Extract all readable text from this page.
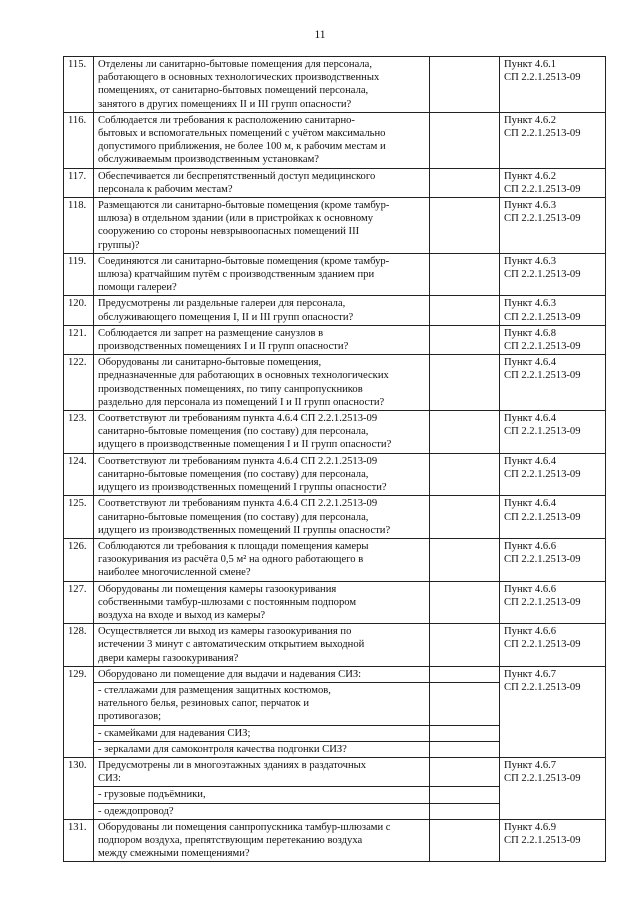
11
115.	Отделены ли санитарно-бытовые помещения для персонала,
работающего в основных технологических производственных
помещениях, от санитарно-бытовых помещений персонала,
занятого в других помещениях II и III групп опасности?		Пункт 4.6.1
СП 2.2.1.2513-09

116.	Соблюдается ли требования к расположению санитарно-
бытовых и вспомогательных помещений с учётом максимально
допустимого приближения, не более 100 м, к рабочим местам и
обслуживаемым производственным установкам?		Пункт 4.6.2
СП 2.2.1.2513-09

117.	Обеспечивается ли беспрепятственный доступ медицинского
персонала к рабочим местам?		Пункт 4.6.2
СП 2.2.1.2513-09

118.	Размещаются ли санитарно-бытовые помещения (кроме тамбур-
шлюза) в отдельном здании (или в пристройках к основному
сооружению со стороны невзрывоопасных помещений III
группы)?		Пункт 4.6.3
СП 2.2.1.2513-09

119.	Соединяются ли санитарно-бытовые помещения (кроме тамбур-
шлюза) кратчайшим путём с производственным зданием при
помощи галереи?		Пункт 4.6.3
СП 2.2.1.2513-09

120.	Предусмотрены ли раздельные галереи для персонала,
обслуживающего помещения I, II и III групп опасности?		Пункт 4.6.3
СП 2.2.1.2513-09

121.	Соблюдается ли запрет на размещение санузлов в
производственных помещениях I и II групп опасности?		Пункт 4.6.8
СП 2.2.1.2513-09

122.	Оборудованы ли санитарно-бытовые помещения,
предназначенные для работающих в основных технологических
производственных помещениях, по типу санпропускников
раздельно для персонала из помещений I и II групп опасности?		Пункт 4.6.4
СП 2.2.1.2513-09

123.	Соответствуют ли требованиям пункта 4.6.4 СП 2.2.1.2513-09
санитарно-бытовые помещения (по составу) для персонала,
идущего в производственные помещения I и II групп опасности?		Пункт 4.6.4
СП 2.2.1.2513-09

124.	Соответствуют ли требованиям пункта 4.6.4 СП 2.2.1.2513-09
санитарно-бытовые помещения (по составу) для персонала,
идущего из производственных помещений I группы опасности?		Пункт 4.6.4
СП 2.2.1.2513-09

125.	Соответствуют ли требованиям пункта 4.6.4 СП 2.2.1.2513-09
санитарно-бытовые помещения (по составу) для персонала,
идущего из производственных помещений II группы опасности?		Пункт 4.6.4
СП 2.2.1.2513-09

126.	Соблюдаются ли требования к площади помещения камеры
газоокуривания из расчёта 0,5 м² на одного работающего в
наиболее многочисленной смене?		Пункт 4.6.6
СП 2.2.1.2513-09

127.	Оборудованы ли помещения камеры газоокуривания
собственными тамбур-шлюзами с постоянным подпором
воздуха на входе и выход из камеры?		Пункт 4.6.6
СП 2.2.1.2513-09

128.	Осуществляется ли выход из камеры газоокуривания по
истечении 3 минут с автоматическим открытием выходной
двери камеры газоокуривания?		Пункт 4.6.6
СП 2.2.1.2513-09

129.	Оборудовано ли помещение для выдачи и надевания СИЗ:		Пункт 4.6.7
СП 2.2.1.2513-09

	- стеллажами для размещения защитных костюмов,
нательного белья, резиновых сапог, перчаток и
противогазов;		

	- скамейками для надевания СИЗ;		

	- зеркалами для самоконтроля качества подгонки СИЗ?		

130.	Предусмотрены ли в многоэтажных зданиях в раздаточных
СИЗ:		Пункт 4.6.7
СП 2.2.1.2513-09

	- грузовые подъёмники,		

	- одеждопровод?		

131.	Оборудованы ли помещения санпропускника тамбур-шлюзами с
подпором воздуха, препятствующим перетеканию воздуха
между смежными помещениями?		Пункт 4.6.9
СП 2.2.1.2513-09
